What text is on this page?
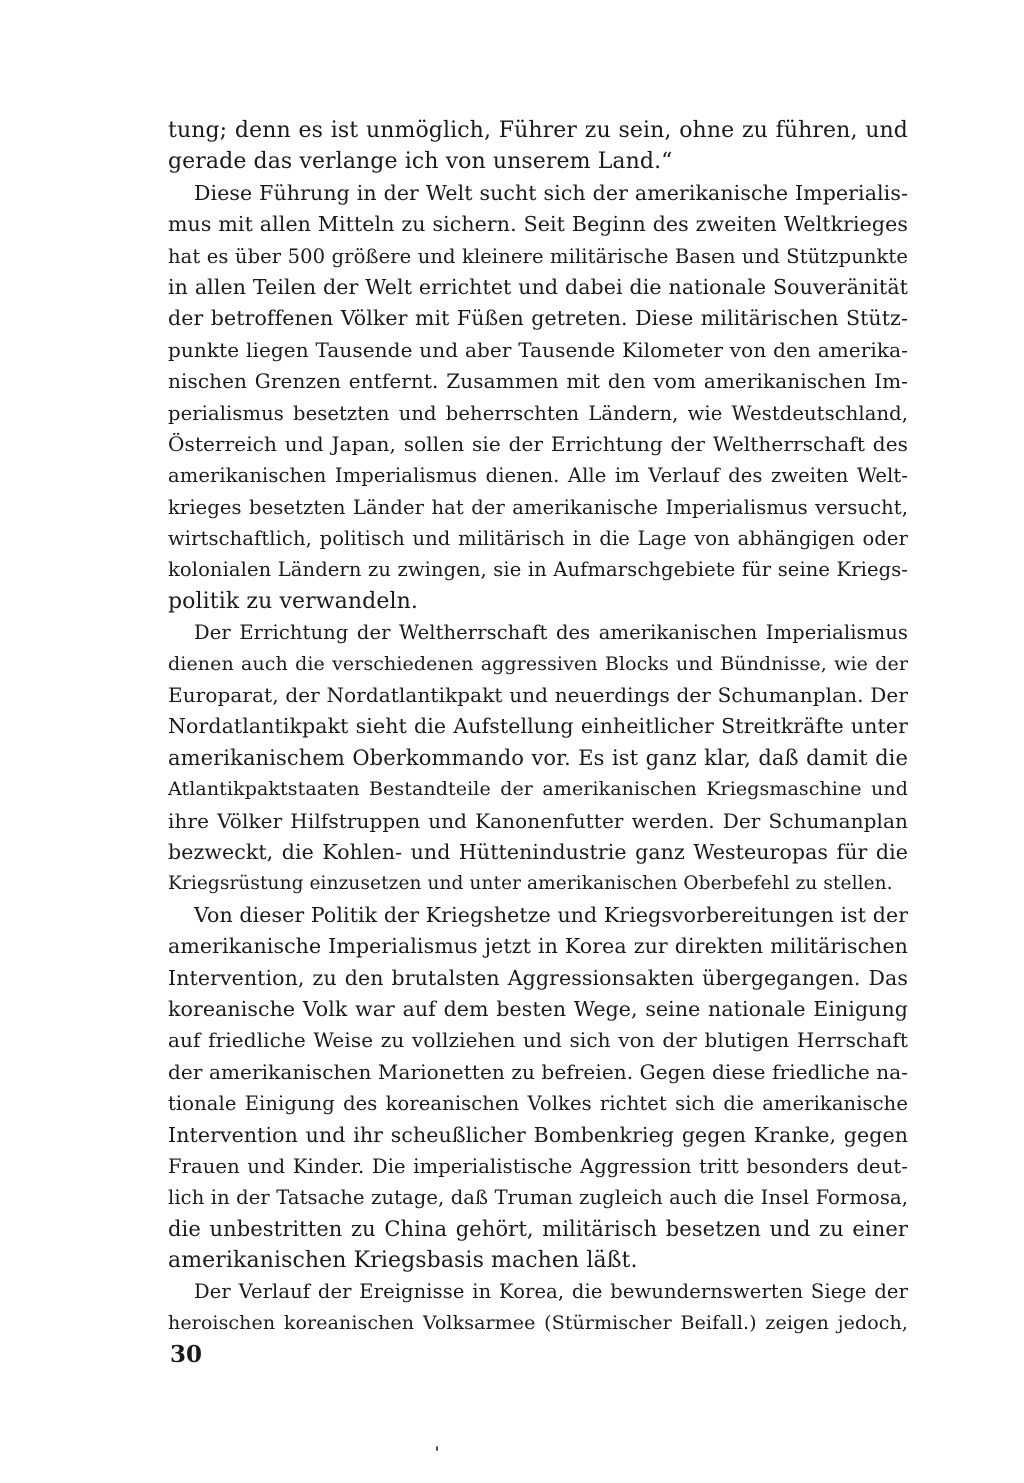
tung; denn es ist unmöglich, Führer zu sein, ohne zu führen, und
gerade das verlange ich von unserem Land.“
Diese Führung in der Welt sucht sich der amerikanische Imperialis-
mus mit allen Mitteln zu sichern. Seit Beginn des zweiten Weltkrieges
hat es über 500 größere und kleinere militärische Basen und Stützpunkte
in allen Teilen der Welt errichtet und dabei die nationale Souveränität
der betroffenen Völker mit Füßen getreten. Diese militärischen Stütz-
punkte liegen Tausende und aber Tausende Kilometer von den amerika-
nischen Grenzen entfernt. Zusammen mit den vom amerikanischen Im-
perialismus besetzten und beherrschten Ländern, wie Westdeutschland,
Österreich und Japan, sollen sie der Errichtung der Weltherrschaft des
amerikanischen Imperialismus dienen. Alle im Verlauf des zweiten Welt-
krieges besetzten Länder hat der amerikanische Imperialismus versucht,
wirtschaftlich, politisch und militärisch in die Lage von abhängigen oder
kolonialen Ländern zu zwingen, sie in Aufmarschgebiete für seine Kriegs-
politik zu verwandeln.
Der Errichtung der Weltherrschaft des amerikanischen Imperialismus
dienen auch die verschiedenen aggressiven Blocks und Bündnisse, wie der
Europarat, der Nordatlantikpakt und neuerdings der Schumanplan. Der
Nordatlantikpakt sieht die Aufstellung einheitlicher Streitkräfte unter
amerikanischem Oberkommando vor. Es ist ganz klar, daß damit die
Atlantikpaktstaaten Bestandteile der amerikanischen Kriegsmaschine und
ihre Völker Hilfstruppen und Kanonenfutter werden. Der Schumanplan
bezweckt, die Kohlen- und Hüttenindustrie ganz Westeuropas für die
Kriegsrüstung einzusetzen und unter amerikanischen Oberbefehl zu stellen.
Von dieser Politik der Kriegshetze und Kriegsvorbereitungen ist der
amerikanische Imperialismus jetzt in Korea zur direkten militärischen
Intervention, zu den brutalsten Aggressionsakten übergegangen. Das
koreanische Volk war auf dem besten Wege, seine nationale Einigung
auf friedliche Weise zu vollziehen und sich von der blutigen Herrschaft
der amerikanischen Marionetten zu befreien. Gegen diese friedliche na-
tionale Einigung des koreanischen Volkes richtet sich die amerikanische
Intervention und ihr scheußlicher Bombenkrieg gegen Kranke, gegen
Frauen und Kinder. Die imperialistische Aggression tritt besonders deut-
lich in der Tatsache zutage, daß Truman zugleich auch die Insel Formosa,
die unbestritten zu China gehört, militärisch besetzen und zu einer
amerikanischen Kriegsbasis machen läßt.
Der Verlauf der Ereignisse in Korea, die bewundernswerten Siege der
heroischen koreanischen Volksarmee (Stürmischer Beifall.) zeigen jedoch,
30
